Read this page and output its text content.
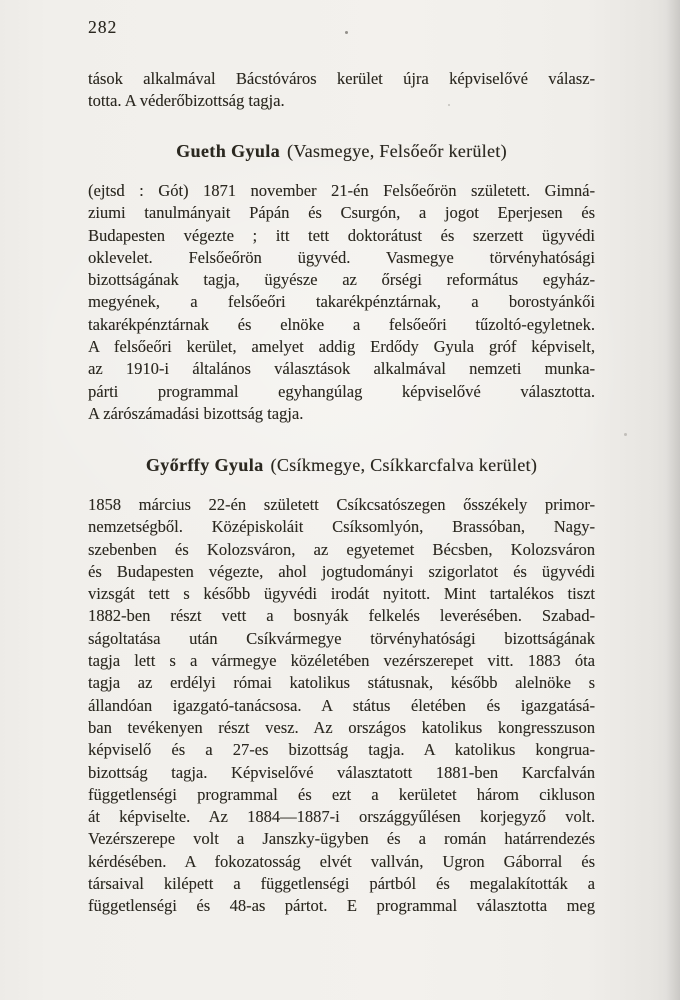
282
tások alkalmával Bácstóváros kerület újra képviselővé válasz-
totta. A véderőbizottság tagja.
Gueth Gyula (Vasmegye, Felsőeőr kerület)
(ejtsd : Gót) 1871 november 21-én Felsőeőrön született. Gimná-
ziumi tanulmányait Pápán és Csurgón, a jogot Eperjesen és
Budapesten végezte ; itt tett doktorátust és szerzett ügyvédi
oklevelet. Felsőeőrön ügyvéd. Vasmegye törvényhatósági
bizottságának tagja, ügyésze az őrségi református egyház-
megyének, a felsőeőri takarékpénztárnak, a borostyánkői
takarékpénztárnak és elnöke a felsőeőri tűzoltó-egyletnek.
A felsőeőri kerület, amelyet addig Erdődy Gyula gróf képviselt,
az 1910-i általános választások alkalmával nemzeti munka-
párti programmal egyhangúlag képviselővé választotta.
A zárószámadási bizottság tagja.
Győrffy Gyula (Csíkmegye, Csíkkarcfalva kerület)
1858 március 22-én született Csíkcsatószegen ősszékely primor-
nemzetségből. Középiskoláit Csíksomlyón, Brassóban, Nagy-
szebenben és Kolozsváron, az egyetemet Bécsben, Kolozsváron
és Budapesten végezte, ahol jogtudományi szigorlatot és ügyvédi
vizsgát tett s később ügyvédi irodát nyitott. Mint tartalékos tiszt
1882-ben részt vett a bosnyák felkelés leverésében. Szabad-
ságoltatása után Csíkvármegye törvényhatósági bizottságának
tagja lett s a vármegye közéletében vezérszerepet vitt. 1883 óta
tagja az erdélyi római katolikus státusnak, később alelnöke s
állandóan igazgató-tanácsosa. A státus életében és igazgatásá-
ban tevékenyen részt vesz. Az országos katolikus kongresszuson
képviselő és a 27-es bizottság tagja. A katolikus kongrua-
bizottság tagja. Képviselővé választatott 1881-ben Karcfalván
függetlenségi programmal és ezt a kerületet három cikluson
át képviselte. Az 1884—1887-i országgyűlésen korjegyző volt.
Vezérszerepe volt a Janszky-ügyben és a román határrendezés
kérdésében. A fokozatosság elvét vallván, Ugron Gáborral és
társaival kilépett a függetlenségi pártból és megalakították a
függetlenségi és 48-as pártot. E programmal választotta meg
